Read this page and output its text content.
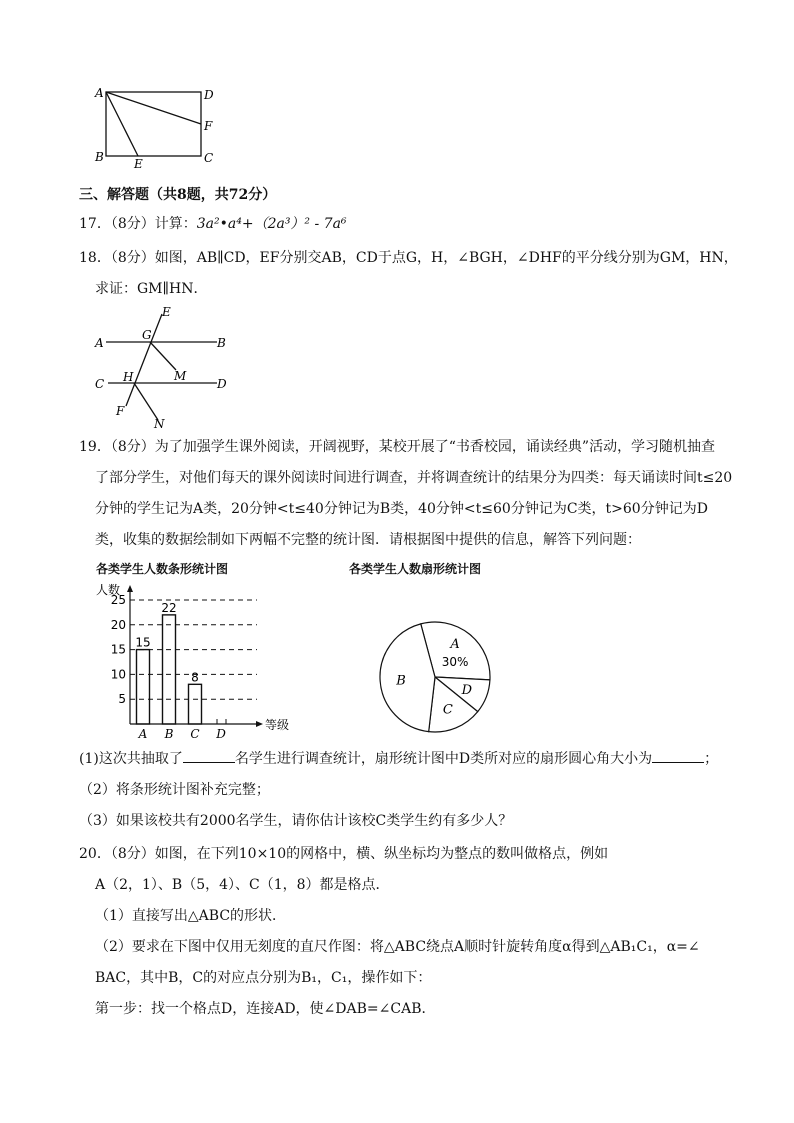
A	D
F
B	E	C
三、解答题（共8题，共72分）
17．（8分）计算：3a²•a⁴+（2a³）² - 7a⁶
18．（8分）如图，AB∥CD，EF分别交AB，CD于点G，H，∠BGH，∠DHF的平分线分别为GM，HN，
求证：GM∥HN．
E
G
A	B
H	M
C	D
F
N
19．（8分）为了加强学生课外阅读，开阔视野，某校开展了“书香校园，诵读经典”活动，学习随机抽查
了部分学生，对他们每天的课外阅读时间进行调查，并将调查统计的结果分为四类：每天诵读时间t≤20
分钟的学生记为A类，20分钟<t≤40分钟记为B类，40分钟<t≤60分钟记为C类，t>60分钟记为D
类，收集的数据绘制如下两幅不完整的统计图．请根据图中提供的信息，解答下列问题：
各类学生人数条形统计图
人数
等级
5
10
15
20
25
15
A
22
B
8
C D
各类学生人数扇形统计图
A
30%
D
C
B
(1)这次共抽取了	名学生进行调查统计，扇形统计图中D类所对应的扇形圆心角大小为	；
（2）将条形统计图补充完整；
（3）如果该校共有2000名学生，请你估计该校C类学生约有多少人？
20．（8分）如图，在下列10×10的网格中，横、纵坐标均为整点的数叫做格点，例如
A（2，1）、B（5，4）、C（1，8）都是格点．
（1）直接写出△ABC的形状．
（2）要求在下图中仅用无刻度的直尺作图：将△ABC绕点A顺时针旋转角度α得到△AB₁C₁，α=∠
BAC，其中B，C的对应点分别为B₁，C₁，操作如下：
第一步：找一个格点D，连接AD，使∠DAB=∠CAB．
